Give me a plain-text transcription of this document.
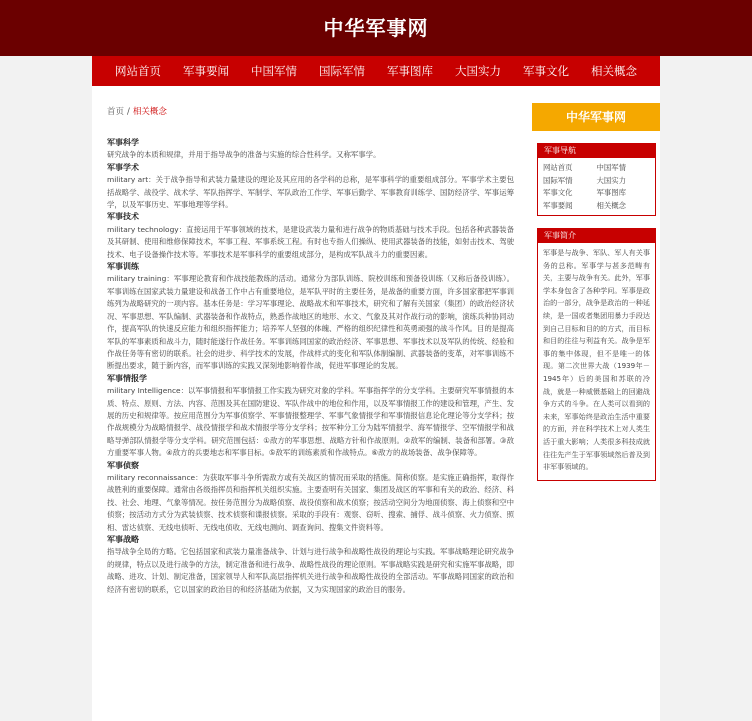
中华军事网
网站首页	军事要闻	中国军情	国际军情	军事图库	大国实力	军事文化	相关概念
首页 / 相关概念
军事科学
研究战争的本质和规律，并用于指导战争的准备与实施的综合性科学。又称军事学。
军事学术
military art：关于战争指导和武装力量建设的理论及其应用的各学科的总称，是军事科学的重要组成部分。军事学术主要包括战略学、战役学、战术学、军队指挥学、军制学、军队政治工作学、军事后勤学、军事教育训练学、国防经济学、军事运筹学，以及军事历史、军事地理等学科。
军事技术
military technology：直接运用于军事领域的技术，是建设武装力量和进行战争的物质基础与技术手段。包括各种武器装备及其研制、使用和维修保障技术，军事工程、军事系统工程。有时也专指人们操纵、使用武器装备的技能，如射击技术、驾驶技术、电子设备操作技术等。军事技术是军事科学的重要组成部分，是构成军队战斗力的重要因素。
军事训练
military training：军事理论教育和作战技能教练的活动。通常分为部队训练、院校训练和预备役训练（又称后备役训练）。军事训练在国家武装力量建设和战备工作中占有重要地位，是军队平时的主要任务，是战备的重要方面，许多国家都把军事训练列为战略研究的一项内容。基本任务是：学习军事理论、战略战术和军事技术，研究和了解有关国家（集团）的政治经济状况、军事思想、军队编制、武器装备和作战特点，熟悉作战地区的地形、水文、气象及其对作战行动的影响，演练兵种协同动作，提高军队的快速反应能力和组织指挥能力；培养军人坚强的体魄、严格的组织纪律性和英勇顽强的战斗作风。目的是提高军队的军事素质和战斗力，随时能遂行作战任务。军事训练同国家的政治经济、军事思想、军事技术以及军队的传统、经验和作战任务等有密切的联系。社会的进步、科学技术的发展，作战样式的变化和军队体制编制、武器装备的变革，对军事训练不断提出要求，随于新内容，而军事训练的实践又深刻地影响着作战，促进军事理论的发展。
军事情报学
military Intelligence：以军事情报和军事情报工作实践为研究对象的学科。军事指挥学的分支学科。主要研究军事情报的本质、特点、原则、方法、内容、范围及其在国防建设、军队作战中的地位和作用，以及军事情报工作的建设和管理，产生、发展的历史和规律等。按应用范围分为军事侦察学、军事情报整理学、军事气象情报学和军事情报信息论化理论等分支学科；按作战规模分为战略情报学、战役情报学和战术情报学等分支学科；按军种分工分为陆军情报学、海军情报学、空军情报学和战略导弹部队情报学等分支学科。研究范围包括：①敌方的军事思想、战略方针和作战原则。②敌军的编制、装备和部署。③敌方重要军事人物。④敌方的兵要地志和军事目标。⑤敌军的训练素质和作战特点。⑥敌方的战场装备、战争保障等。
军事侦察
military reconnaissance：为获取军事斗争所需敌方或有关战区的情况而采取的措施。简称侦察。是实施正确指挥，取得作战胜利的重要保障。通常由各级指挥员和指挥机关组织实施。主要查明有关国家、集团及战区的军事和有关的政治、经济、科技、社会、地理、气象等情况。按任务范围分为战略侦察、战役侦察和战术侦察；按活动空间分为地面侦察、海上侦察和空中侦察；按活动方式分为武装侦察、技术侦察和谍报侦察。采取的手段有：观察、窃听、搜索、捕俘、战斗侦察、火力侦察、照相、雷达侦察、无线电侦听、无线电侦收、无线电测向、调查询问、搜集文件资料等。
军事战略
指导战争全局的方略。它包括国家和武装力量准备战争、计划与进行战争和战略性战役的理论与实践。军事战略理论研究战争的规律，特点以及进行战争的方法，制定准备和进行战争、战略性战役的理论原则。军事战略实践是研究和实施军事战略，即战略、进攻、计划、制定准备，国家领导人和军队高层指挥机关进行战争和战略性战役的全部活动。军事战略同国家的政治和经济有密切的联系，它以国家的政治目的和经济基础为依据，又为实现国家的政治目的服务。
中华军事网
军事导航
网站首页	中国军情
国际军情	大国实力
军事文化	军事图库
军事要闻	相关概念
军事简介
军事是与战争、军队、军人有关事务的总称。军事学与甚多范畴有关，主要与战争有关。此外，军事学本身包含了各种学问。军事是政治的一部分，战争是政治的一种延续，是一国或者集团用暴力手段达到自己目标和目的的方式，而目标和目的往往与利益有关。战争是军事的集中体现，但不是唯一的体现。第二次世界大战（1939年－1945年）后的美国和苏联的冷战，就是一种威慑基础上的回避战争方式的斗争。在人类可以看到的未来，军事始终是政治生活中重要的方面，并在科学技术上对人类生活于重大影响；人类很多科技成就往往先产生于军事领域然后普及到非军事领域的。
